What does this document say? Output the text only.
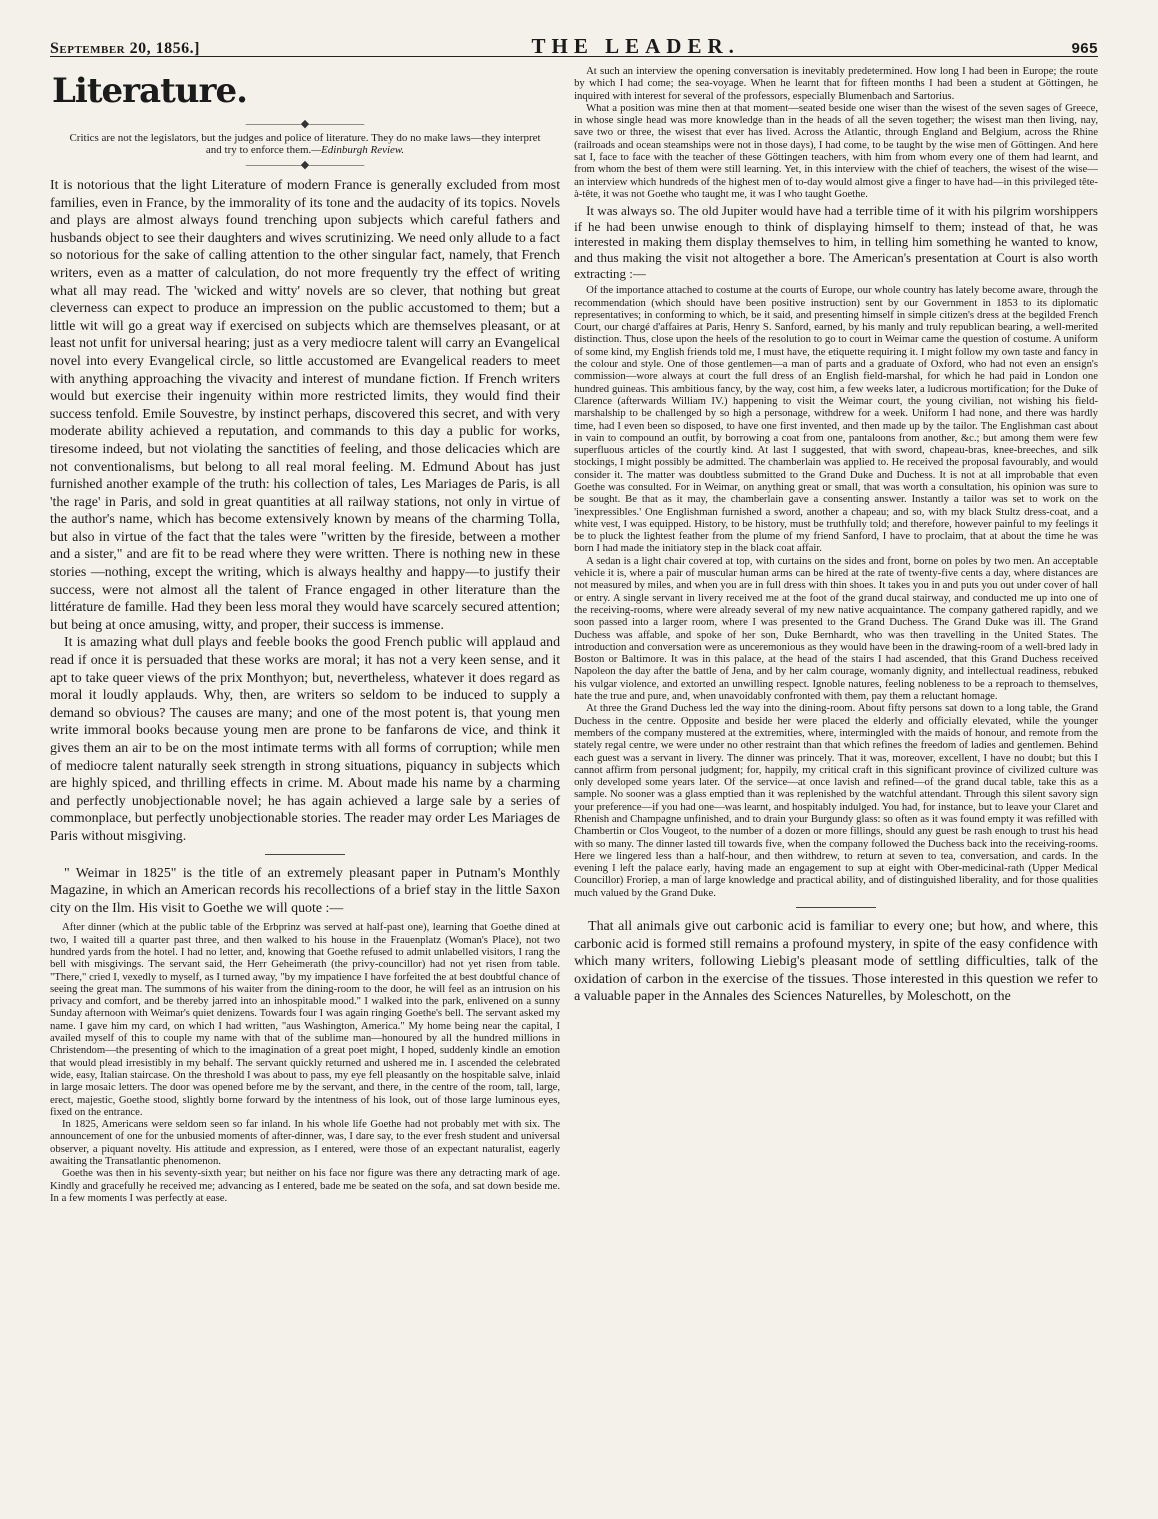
September 20, 1856.]	THE LEADER.	965
Literature.
—————◆—————
Critics are not the legislators, but the judges and police of literature. They do no make laws—they interpret and try to enforce them.—Edinburgh Review.
—————◆—————

It is notorious that the light Literature of modern France is generally excluded from most families, even in France, by the immorality of its tone and the audacity of its topics. Novels and plays are almost always found trenching upon subjects which careful fathers and husbands object to see their daughters and wives scrutinizing. We need only allude to a fact so notorious for the sake of calling attention to the other singular fact, namely, that French writers, even as a matter of calculation, do not more frequently try the effect of writing what all may read. The 'wicked and witty' novels are so clever, that nothing but great cleverness can expect to produce an impression on the public accustomed to them; but a little wit will go a great way if exercised on subjects which are themselves pleasant, or at least not unfit for universal hearing; just as a very mediocre talent will carry an Evangelical novel into every Evangelical circle, so little accustomed are Evangelical readers to meet with anything approaching the vivacity and interest of mundane fiction. If French writers would but exercise their ingenuity within more restricted limits, they would find their success tenfold. Emile Souvestre, by instinct perhaps, discovered this secret, and with very moderate ability achieved a reputation, and commands to this day a public for works, tiresome indeed, but not violating the sanctities of feeling, and those delicacies which are not conventionalisms, but belong to all real moral feeling. M. Edmund About has just furnished another example of the truth: his collection of tales, Les Mariages de Paris, is all 'the rage' in Paris, and sold in great quantities at all railway stations, not only in virtue of the author's name, which has become extensively known by means of the charming Tolla, but also in virtue of the fact that the tales were "written by the fireside, between a mother and a sister," and are fit to be read where they were written. There is nothing new in these stories —nothing, except the writing, which is always healthy and happy—to justify their success, were not almost all the talent of France engaged in other literature than the littérature de famille. Had they been less moral they would have scarcely secured attention; but being at once amusing, witty, and proper, their success is immense.

It is amazing what dull plays and feeble books the good French public will applaud and read if once it is persuaded that these works are moral; it has not a very keen sense, and it apt to take queer views of the prix Monthyon; but, nevertheless, whatever it does regard as moral it loudly applauds. Why, then, are writers so seldom to be induced to supply a demand so obvious? The causes are many; and one of the most potent is, that young men write immoral books because young men are prone to be fanfarons de vice, and think it gives them an air to be on the most intimate terms with all forms of corruption; while men of mediocre talent naturally seek strength in strong situations, piquancy in subjects which are highly spiced, and thrilling effects in crime. M. About made his name by a charming and perfectly unobjectionable novel; he has again achieved a large sale by a series of commonplace, but perfectly unobjectionable stories. The reader may order Les Mariages de Paris without misgiving.

" Weimar in 1825" is the title of an extremely pleasant paper in Putnam's Monthly Magazine, in which an American records his recollections of a brief stay in the little Saxon city on the Ilm. His visit to Goethe we will quote :—

After dinner (which at the public table of the Erbprinz was served at half-past one), learning that Goethe dined at two, I waited till a quarter past three, and then walked to his house in the Frauenplatz (Woman's Place), not two hundred yards from the hotel. I had no letter, and, knowing that Goethe refused to admit unlabelled visitors, I rang the bell with misgivings. The servant said, the Herr Geheimerath (the privy-councillor) had not yet risen from table. "There," cried I, vexedly to myself, as I turned away, "by my impatience I have forfeited the at best doubtful chance of seeing the great man. The summons of his waiter from the dining-room to the door, he will feel as an intrusion on his privacy and comfort, and be thereby jarred into an inhospitable mood." I walked into the park, enlivened on a sunny Sunday afternoon with Weimar's quiet denizens. Towards four I was again ringing Goethe's bell. The servant asked my name. I gave him my card, on which I had written, "aus Washington, America." My home being near the capital, I availed myself of this to couple my name with that of the sublime man—honoured by all the hundred millions in Christendom—the presenting of which to the imagination of a great poet might, I hoped, suddenly kindle an emotion that would plead irresistibly in my behalf. The servant quickly returned and ushered me in. I ascended the celebrated wide, easy, Italian staircase. On the threshold I was about to pass, my eye fell pleasantly on the hospitable salve, inlaid in large mosaic letters. The door was opened before me by the servant, and there, in the centre of the room, tall, large, erect, majestic, Goethe stood, slightly borne forward by the intentness of his look, out of those large luminous eyes, fixed on the entrance.

In 1825, Americans were seldom seen so far inland. In his whole life Goethe had not probably met with six. The announcement of one for the unbusied moments of after-dinner, was, I dare say, to the ever fresh student and universal observer, a piquant novelty. His attitude and expression, as I entered, were those of an expectant naturalist, eagerly awaiting the Transatlantic phenomenon.

Goethe was then in his seventy-sixth year; but neither on his face nor figure was there any detracting mark of age. Kindly and gracefully he received me; advancing as I entered, bade me be seated on the sofa, and sat down beside me. In a few moments I was perfectly at ease.

At such an interview the opening conversation is inevitably predetermined. How long I had been in Europe; the route by which I had come; the sea-voyage. When he learnt that for fifteen months I had been a student at Göttingen, he inquired with interest for several of the professors, especially Blumenbach and Sartorius.

What a position was mine then at that moment—seated beside one wiser than the wisest of the seven sages of Greece, in whose single head was more knowledge than in the heads of all the seven together; the wisest man then living, nay, save two or three, the wisest that ever has lived. Across the Atlantic, through England and Belgium, across the Rhine (railroads and ocean steamships were not in those days), I had come, to be taught by the wise men of Göttingen. And here sat I, face to face with the teacher of these Göttingen teachers, with him from whom every one of them had learnt, and from whom the best of them were still learning. Yet, in this interview with the chief of teachers, the wisest of the wise—an interview which hundreds of the highest men of to-day would almost give a finger to have had—in this privileged tête-à-tête, it was not Goethe who taught me, it was I who taught Goethe.

It was always so. The old Jupiter would have had a terrible time of it with his pilgrim worshippers if he had been unwise enough to think of displaying himself to them; instead of that, he was interested in making them display themselves to him, in telling him something he wanted to know, and thus making the visit not altogether a bore. The American's presentation at Court is also worth extracting :—

Of the importance attached to costume at the courts of Europe, our whole country has lately become aware, through the recommendation (which should have been positive instruction) sent by our Government in 1853 to its diplomatic representatives; in conforming to which, be it said, and presenting himself in simple citizen's dress at the begilded French Court, our chargé d'affaires at Paris, Henry S. Sanford, earned, by his manly and truly republican bearing, a well-merited distinction. Thus, close upon the heels of the resolution to go to court in Weimar came the question of costume. A uniform of some kind, my English friends told me, I must have, the etiquette requiring it. I might follow my own taste and fancy in the colour and style. One of those gentlemen—a man of parts and a graduate of Oxford, who had not even an ensign's commission—wore always at court the full dress of an English field-marshal, for which he had paid in London one hundred guineas. This ambitious fancy, by the way, cost him, a few weeks later, a ludicrous mortification; for the Duke of Clarence (afterwards William IV.) happening to visit the Weimar court, the young civilian, not wishing his field-marshalship to be challenged by so high a personage, withdrew for a week. Uniform I had none, and there was hardly time, had I even been so disposed, to have one first invented, and then made up by the tailor. The Englishman cast about in vain to compound an outfit, by borrowing a coat from one, pantaloons from another, &c.; but among them were few superfluous articles of the courtly kind. At last I suggested, that with sword, chapeau-bras, knee-breeches, and silk stockings, I might possibly be admitted. The chamberlain was applied to. He received the proposal favourably, and would consider it. The matter was doubtless submitted to the Grand Duke and Duchess. It is not at all improbable that even Goethe was consulted. For in Weimar, on anything great or small, that was worth a consultation, his opinion was sure to be sought. Be that as it may, the chamberlain gave a consenting answer. Instantly a tailor was set to work on the 'inexpressibles.' One Englishman furnished a sword, another a chapeau; and so, with my black Stultz dress-coat, and a white vest, I was equipped. History, to be history, must be truthfully told; and therefore, however painful to my feelings it be to pluck the lightest feather from the plume of my friend Sanford, I have to proclaim, that at about the time he was born I had made the initiatory step in the black coat affair.

A sedan is a light chair covered at top, with curtains on the sides and front, borne on poles by two men. An acceptable vehicle it is, where a pair of muscular human arms can be hired at the rate of twenty-five cents a day, where distances are not measured by miles, and when you are in full dress with thin shoes. It takes you in and puts you out under cover of hall or entry. A single servant in livery received me at the foot of the grand ducal stairway, and conducted me up into one of the receiving-rooms, where were already several of my new native acquaintance. The company gathered rapidly, and we soon passed into a larger room, where I was presented to the Grand Duchess. The Grand Duke was ill. The Grand Duchess was affable, and spoke of her son, Duke Bernhardt, who was then travelling in the United States. The introduction and conversation were as unceremonious as they would have been in the drawing-room of a well-bred lady in Boston or Baltimore. It was in this palace, at the head of the stairs I had ascended, that this Grand Duchess received Napoleon the day after the battle of Jena, and by her calm courage, womanly dignity, and intellectual readiness, rebuked his vulgar violence, and extorted an unwilling respect. Ignoble natures, feeling nobleness to be a reproach to themselves, hate the true and pure, and, when unavoidably confronted with them, pay them a reluctant homage.

At three the Grand Duchess led the way into the dining-room. About fifty persons sat down to a long table, the Grand Duchess in the centre. Opposite and beside her were placed the elderly and officially elevated, while the younger members of the company mustered at the extremities, where, intermingled with the maids of honour, and remote from the stately regal centre, we were under no other restraint than that which refines the freedom of ladies and gentlemen. Behind each guest was a servant in livery. The dinner was princely. That it was, moreover, excellent, I have no doubt; but this I cannot affirm from personal judgment; for, happily, my critical craft in this significant province of civilized culture was only developed some years later. Of the service—at once lavish and refined—of the grand ducal table, take this as a sample. No sooner was a glass emptied than it was replenished by the watchful attendant. Through this silent savory sign your preference—if you had one—was learnt, and hospitably indulged. You had, for instance, but to leave your Claret and Rhenish and Champagne unfinished, and to drain your Burgundy glass: so often as it was found empty it was refilled with Chambertin or Clos Vougeot, to the number of a dozen or more fillings, should any guest be rash enough to trust his head with so many. The dinner lasted till towards five, when the company followed the Duchess back into the receiving-rooms. Here we lingered less than a half-hour, and then withdrew, to return at seven to tea, conversation, and cards. In the evening I left the palace early, having made an engagement to sup at eight with Ober-medicinal-rath (Upper Medical Councillor) Froriep, a man of large knowledge and practical ability, and of distinguished liberality, and for those qualities much valued by the Grand Duke.

That all animals give out carbonic acid is familiar to every one; but how, and where, this carbonic acid is formed still remains a profound mystery, in spite of the easy confidence with which many writers, following Liebig's pleasant mode of settling difficulties, talk of the oxidation of carbon in the exercise of the tissues. Those interested in this question we refer to a valuable paper in the Annales des Sciences Naturelles, by Moleschott, on the
